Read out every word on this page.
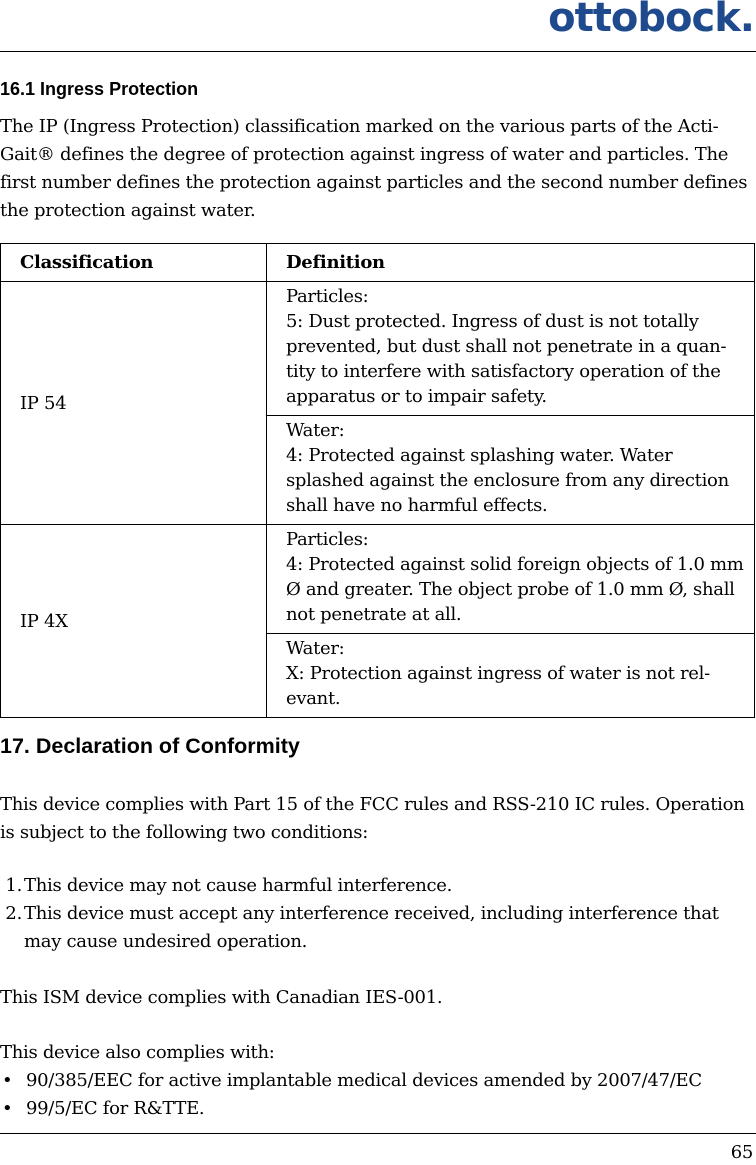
ottobock.
16.1 Ingress Protection

The IP (Ingress Protection) classification marked on the various parts of the Acti-Gait® defines the degree of protection against ingress of water and particles. The first number defines the protection against particles and the second number defines the protection against water.

Classification	Definition
IP 54	Particles:
5: Dust protected. Ingress of dust is not totally prevented, but dust shall not penetrate in a quan-tity to interfere with satisfactory operation of the apparatus or to impair safety.

	Water:
4: Protected against splashing water. Water splashed against the enclosure from any direction shall have no harmful effects.

IP 4X	Particles:
4: Protected against solid foreign objects of 1.0 mm Ø and greater. The object probe of 1.0 mm Ø, shall not penetrate at all.

	Water:
X: Protection against ingress of water is not rel-evant.
17. Declaration of Conformity

This device complies with Part 15 of the FCC rules and RSS-210 IC rules. Operation is subject to the following two conditions:

1. This device may not cause harmful interference.
2. This device must accept any interference received, including interference that may cause undesired operation.

This ISM device complies with Canadian IES-001.

This device also complies with:

• 90/385/EEC for active implantable medical devices amended by 2007/47/EC
• 99/5/EC for R&TTE.
65
